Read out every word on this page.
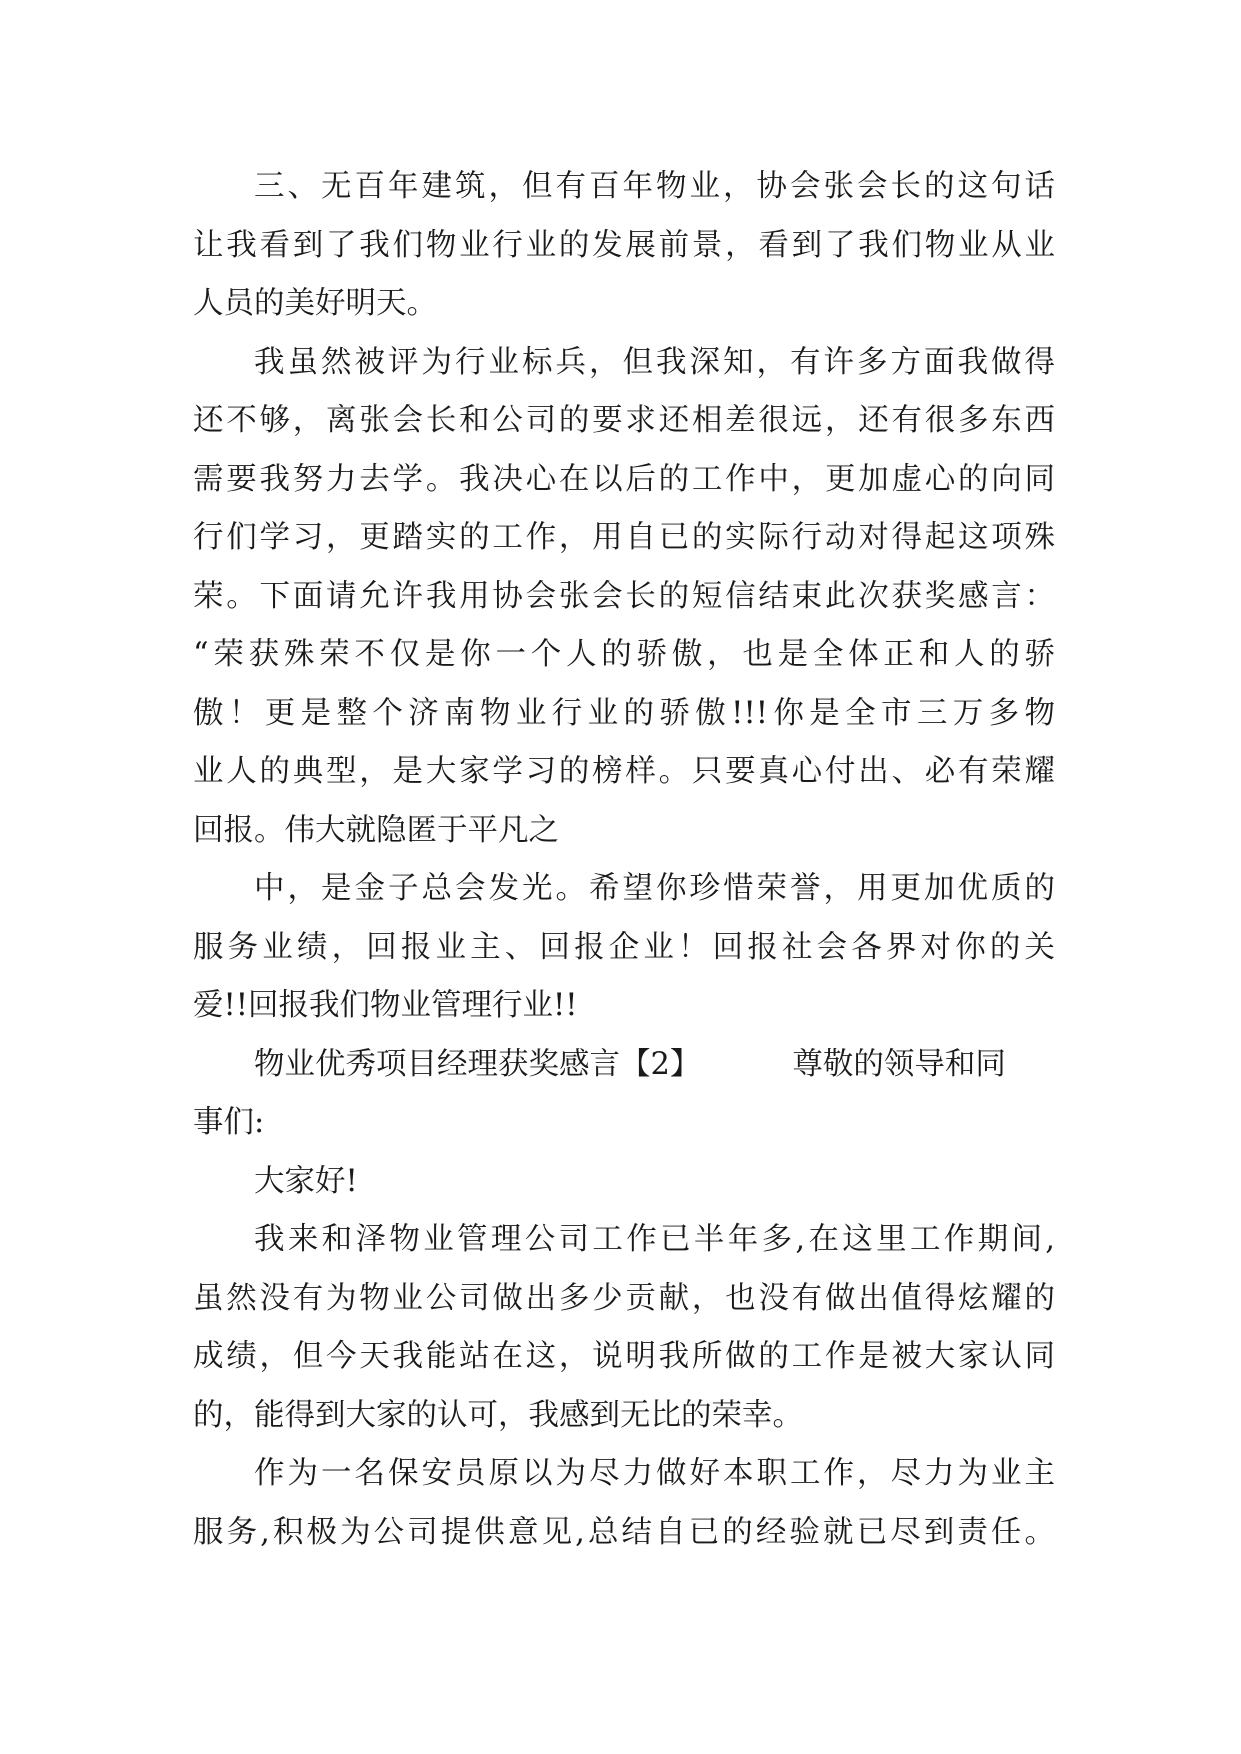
三、无百年建筑，但有百年物业，协会张会长的这句话
让我看到了我们物业行业的发展前景，看到了我们物业从业
人员的美好明天。

我虽然被评为行业标兵，但我深知，有许多方面我做得
还不够，离张会长和公司的要求还相差很远，还有很多东西
需要我努力去学。我决心在以后的工作中，更加虚心的向同
行们学习，更踏实的工作，用自已的实际行动对得起这项殊
荣。下面请允许我用协会张会长的短信结束此次获奖感言：
“荣获殊荣不仅是你一个人的骄傲，也是全体正和人的骄
傲！更是整个济南物业行业的骄傲!!!你是全市三万多物
业人的典型，是大家学习的榜样。只要真心付出、必有荣耀
回报。伟大就隐匿于平凡之

中，是金子总会发光。希望你珍惜荣誉，用更加优质的
服务业绩，回报业主、回报企业！回报社会各界对你的关
爱!!回报我们物业管理行业!!

物业优秀项目经理获奖感言【2】	尊敬的领导和同
事们:

大家好!

我来和泽物业管理公司工作已半年多,在这里工作期间,
虽然没有为物业公司做出多少贡献，也没有做出值得炫耀的
成绩，但今天我能站在这，说明我所做的工作是被大家认同
的，能得到大家的认可，我感到无比的荣幸。

作为一名保安员原以为尽力做好本职工作，尽力为业主
服务,积极为公司提供意见,总结自已的经验就已尽到责任。
